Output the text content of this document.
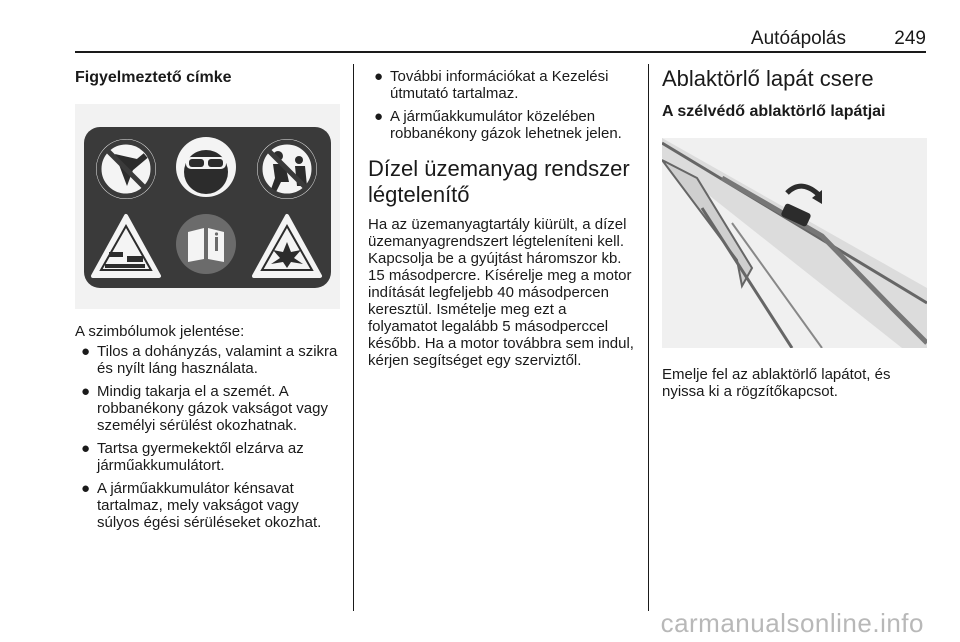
Autóápolás	249
Figyelmeztető címke

A szimbólumok jelentése:

● Tilos a dohányzás, valamint a szikra és nyílt láng használata.
● Mindig takarja el a szemét. A robbanékony gázok vakságot vagy személyi sérülést okozhatnak.
● Tartsa gyermekektől elzárva az járműakkumulátort.
● A járműakkumulátor kénsavat tartalmaz, mely vakságot vagy súlyos égési sérüléseket okozhat.
● További információkat a Kezelési útmutató tartalmaz.
● A járműakkumulátor közelében robbanékony gázok lehetnek jelen.
Dízel üzemanyag rendszer légtelenítő

Ha az üzemanyagtartály kiürült, a dízel üzemanyagrendszert légteleníteni kell. Kapcsolja be a gyújtást háromszor kb. 15 másodpercre. Kísérelje meg a motor indítását legfeljebb 40 másodpercen keresztül. Ismételje meg ezt a folyamatot legalább 5 másodperccel később. Ha a motor továbbra sem indul, kérjen segítséget egy szerviztől.

Ablaktörlő lapát csere
A szélvédő ablaktörlő lapátjai

Emelje fel az ablaktörlő lapátot, és nyissa ki a rögzítőkapcsot.

carmanualsonline.info
